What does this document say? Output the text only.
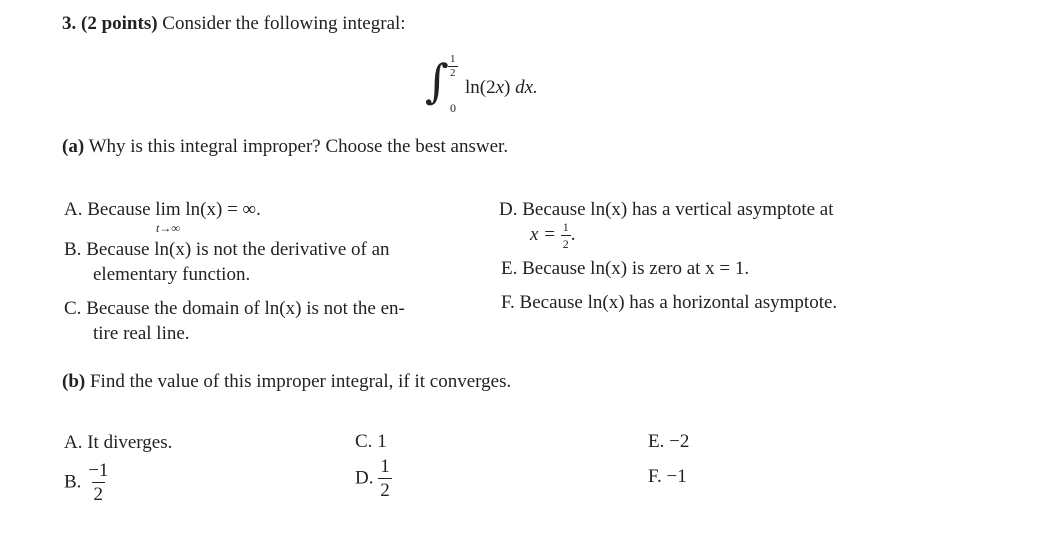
3. (2 points) Consider the following integral:
∫ $\frac{1}{2}$
0
ln(2x) dx.
(a) Why is this integral improper? Choose the best answer.
A. Because lim
t→∞
ln(x) = ∞.
B. Because ln(x) is not the derivative of an
elementary function.
C. Because the domain of ln(x) is not the en-
tire real line.
D. Because ln(x) has a vertical asymptote at
$x = \frac{1}{2}$ .
E. Because ln(x) is zero at x = 1.
F. Because ln(x) has a horizontal asymptote.
(b) Find the value of this improper integral, if it converges.
A. It diverges.
B. $\frac{-1}{2}$
C. 1
D. $\frac{1}{2}$
E. −2
F. −1
